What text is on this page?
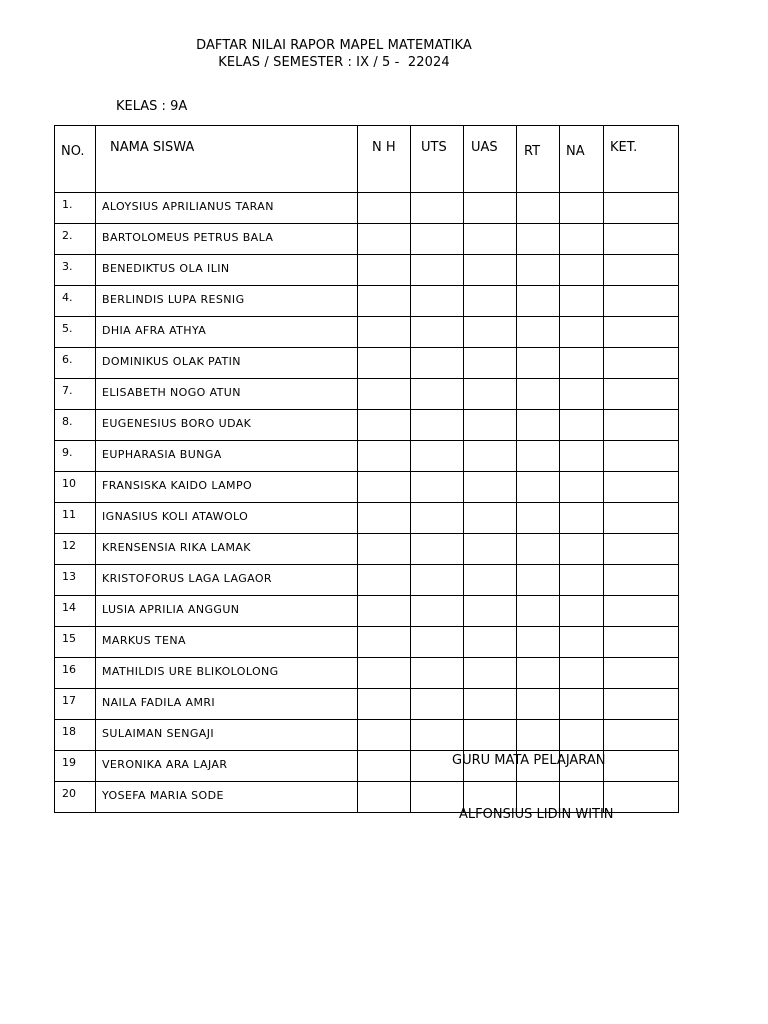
DAFTAR NILAI RAPOR MAPEL MATEMATIKA
KELAS / SEMESTER : IX / 5 -  22024
KELAS : 9A
NO.	NAMA SISWA	N H	UTS	UAS	RT	NA	KET.
1.	ALOYSIUS APRILIANUS TARAN						
2.	BARTOLOMEUS PETRUS BALA						
3.	BENEDIKTUS OLA ILIN						
4.	BERLINDIS LUPA RESNIG						
5.	DHIA AFRA ATHYA						
6.	DOMINIKUS OLAK PATIN						
7.	ELISABETH NOGO ATUN						
8.	EUGENESIUS BORO UDAK						
9.	EUPHARASIA BUNGA						
10	FRANSISKA KAIDO LAMPO						
11	IGNASIUS KOLI ATAWOLO						
12	KRENSENSIA RIKA LAMAK						
13	KRISTOFORUS LAGA LAGAOR						
14	LUSIA APRILIA ANGGUN						
15	MARKUS TENA						
16	MATHILDIS URE BLIKOLOLONG						
17	NAILA FADILA AMRI						
18	SULAIMAN SENGAJI						
19	VERONIKA ARA LAJAR						
20	YOSEFA MARIA SODE						
GURU MATA PELAJARAN
ALFONSIUS LIDIN WITIN
